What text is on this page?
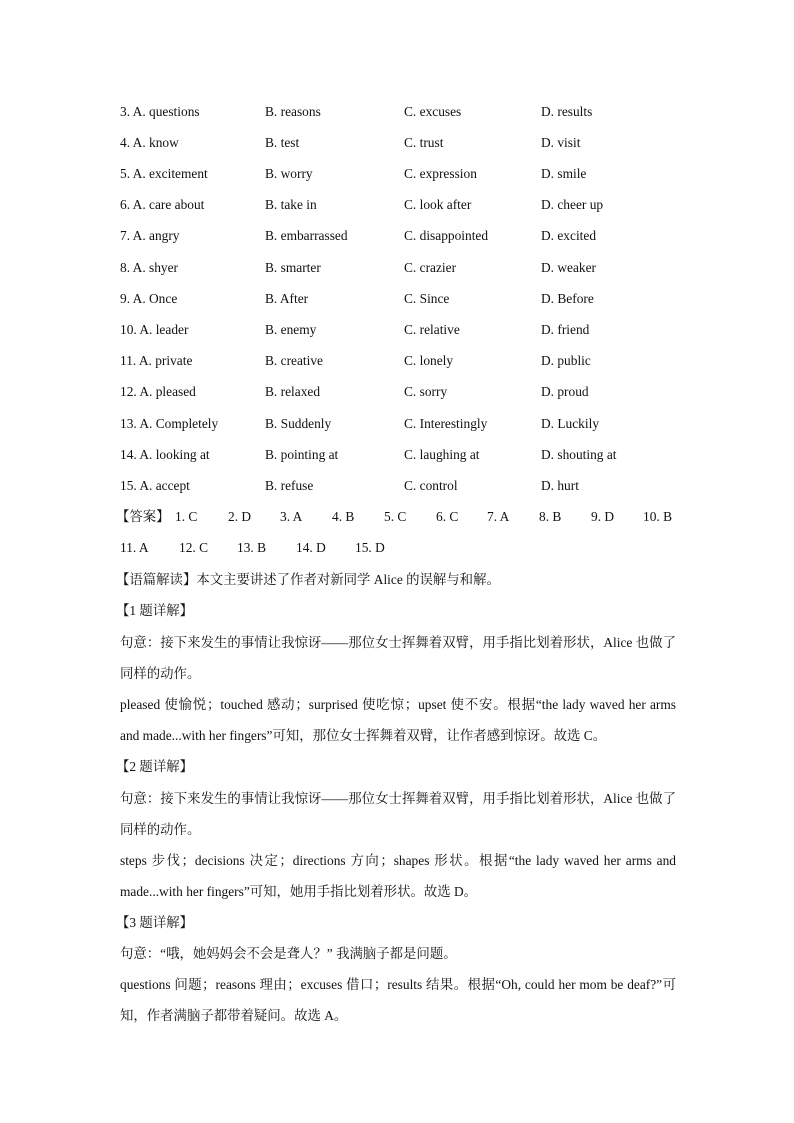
3. A. questions	B. reasons	C. excuses	D. results
4. A. know	B. test	C. trust	D. visit
5. A. excitement	B. worry	C. expression	D. smile
6. A. care about	B. take in	C. look after	D. cheer up
7. A. angry	B. embarrassed	C. disappointed	D. excited
8. A. shyer	B. smarter	C. crazier	D. weaker
9. A. Once	B. After	C. Since	D. Before
10. A. leader	B. enemy	C. relative	D. friend
11. A. private	B. creative	C. lonely	D. public
12. A. pleased	B. relaxed	C. sorry	D. proud
13. A. Completely	B. Suddenly	C. Interestingly	D. Luckily
14. A. looking at	B. pointing at	C. laughing at	D. shouting at
15. A. accept	B. refuse	C. control	D. hurt
【答案】 1. C 2. D 3. A 4. B 5. C 6. C 7. A 8. B 9. D 10. B
11. A 12. C 13. B 14. D 15. D
【语篇解读】本文主要讲述了作者对新同学 Alice 的误解与和解。
【1 题详解】
句意：接下来发生的事情让我惊讶——那位女士挥舞着双臂，用手指比划着形状，Alice 也做了同样的动作。
pleased 使愉悦；touched 感动；surprised 使吃惊；upset 使不安。根据“the lady waved her arms and made...with her fingers”可知，那位女士挥舞着双臂，让作者感到惊讶。故选 C。
【2 题详解】
句意：接下来发生的事情让我惊讶——那位女士挥舞着双臂，用手指比划着形状，Alice 也做了同样的动作。
steps 步伐；decisions 决定；directions 方向；shapes 形状。根据“the lady waved her arms and made...with her fingers”可知，她用手指比划着形状。故选 D。
【3 题详解】
句意：“哦，她妈妈会不会是聋人？” 我满脑子都是问题。
questions 问题；reasons 理由；excuses 借口；results 结果。根据“Oh, could her mom be deaf?”可知，作者满脑子都带着疑问。故选 A。
